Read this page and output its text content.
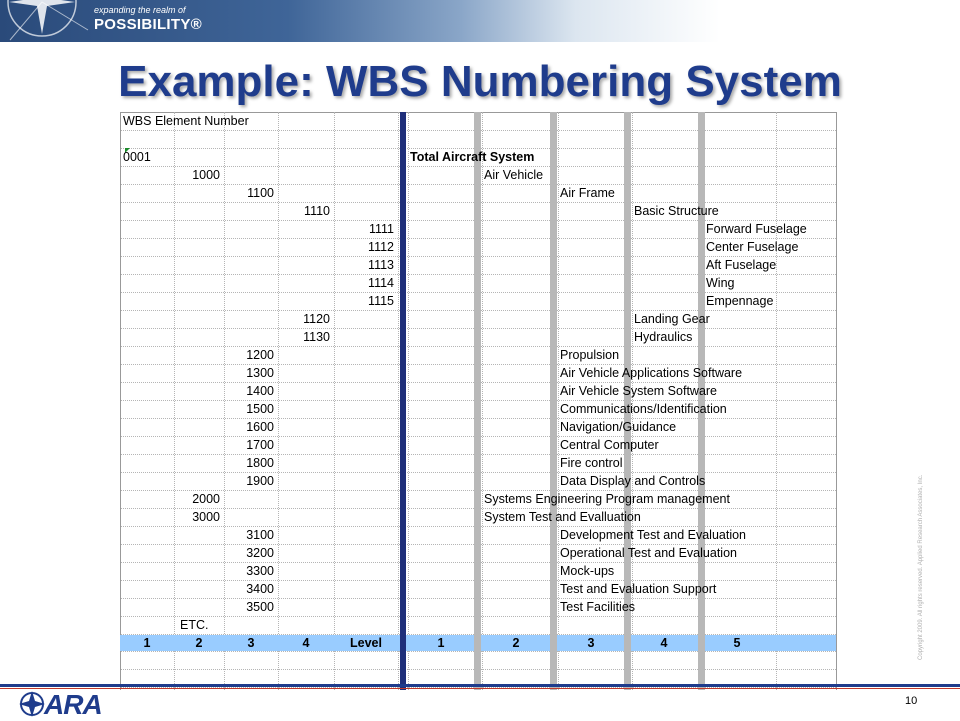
expanding the realm of
POSSIBILITY®
Example: WBS Numbering System
WBS Element Number
0001	Total Aircraft System
1000	Air Vehicle
1100	Air Frame
1110	Basic Structure
1111	Forward Fuselage
1112	Center Fuselage
1113	Aft Fuselage
1114	Wing
1115	Empennage
1120	Landing Gear
1130	Hydraulics
1200	Propulsion
1300	Air Vehicle Applications Software
1400	Air Vehicle System Software
1500	Communications/Identification
1600	Navigation/Guidance
1700	Central Computer
1800	Fire control
1900	Data Display and Controls
2000	Systems Engineering Program management
3000	System Test and Evalluation
3100	Development Test and Evaluation
3200	Operational Test and Evaluation
3300	Mock-ups
3400	Test and Evaluation Support
3500	Test Facilities
ETC.
1	2	3	4	Level	1	2	3	4	5	Copyright 2009. All rights reserved. Applied Research Associates, Inc.
ARA	10
